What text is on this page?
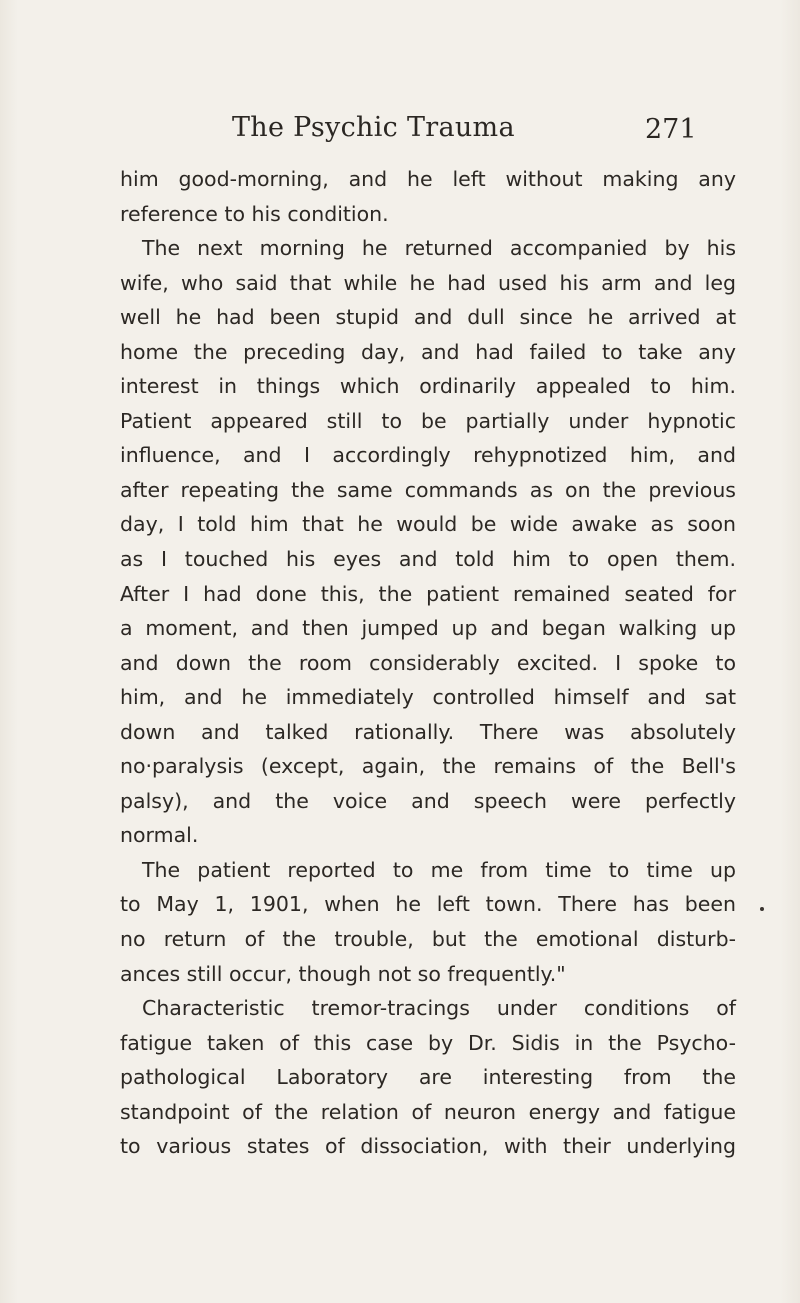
The Psychic Trauma	271
him good-morning, and he left without making any
reference to his condition.
The next morning he returned accompanied by his
wife, who said that while he had used his arm and leg
well he had been stupid and dull since he arrived at
home the preceding day, and had failed to take any
interest in things which ordinarily appealed to him.
Patient appeared still to be partially under hypnotic
influence, and I accordingly rehypnotized him, and
after repeating the same commands as on the previous
day, I told him that he would be wide awake as soon
as I touched his eyes and told him to open them.
After I had done this, the patient remained seated for
a moment, and then jumped up and began walking up
and down the room considerably excited. I spoke to
him, and he immediately controlled himself and sat
down and talked rationally. There was absolutely
no·paralysis (except, again, the remains of the Bell's
palsy), and the voice and speech were perfectly
normal.
The patient reported to me from time to time up
to May 1, 1901, when he left town. There has been
no return of the trouble, but the emotional disturb-
ances still occur, though not so frequently."
Characteristic tremor-tracings under conditions of
fatigue taken of this case by Dr. Sidis in the Psycho-
pathological Laboratory are interesting from the
standpoint of the relation of neuron energy and fatigue
to various states of dissociation, with their underlying
